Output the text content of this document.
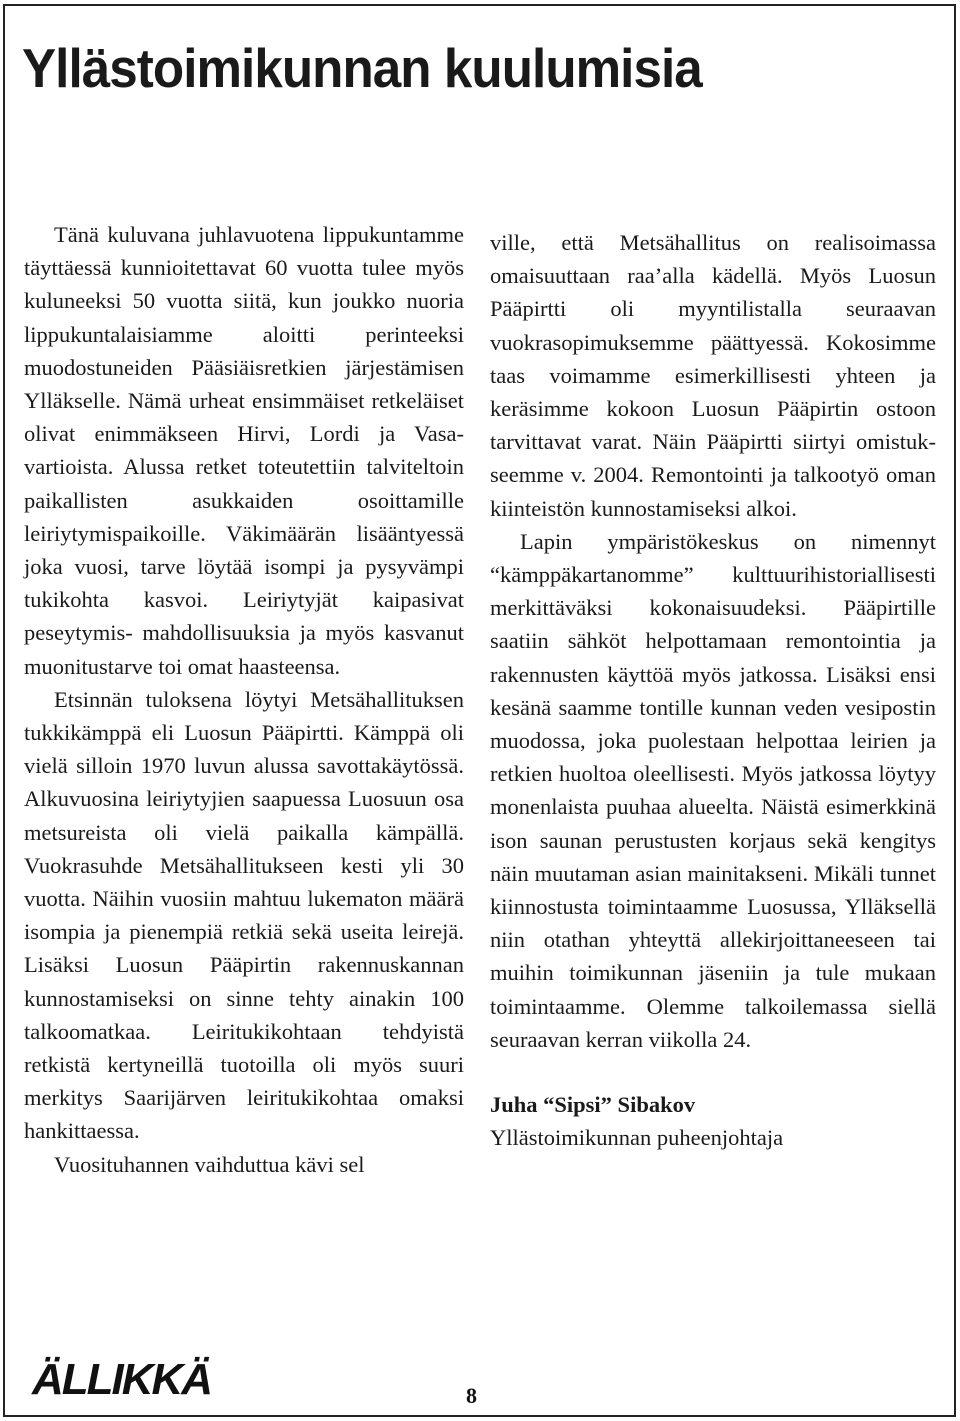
Yllästoimikunnan kuulumisia

Tänä kuluvana juhlavuotena lippukuntamme täyttäessä kunnioitettavat 60 vuotta tulee myös kuluneeksi 50 vuotta siitä, kun joukko nuoria lippukuntalaisiamme aloitti perinteeksi muodostuneiden Pääsiäisretkien järjestämisen Ylläkselle. Nämä urheat ensimmäiset retkeläiset olivat enimmäkseen Hirvi, Lordi ja Vasa-vartioista. Alussa retket toteutettiin talviteltoin paikallisten asukkaiden osoittamille leiriytymispaikoille. Väkimäärän lisääntyessä joka vuosi, tarve löytää isompi ja pysyvämpi tukikohta kasvoi. Leiriytyjät kaipasivat peseytymis- mahdollisuuksia ja myös kasvanut muonitustarve toi omat haasteensa.

Etsinnän tuloksena löytyi Metsähallituksen tukkikämppä eli Luosun Pääpirtti. Kämppä oli vielä silloin 1970 luvun alussa savottakäytössä. Alkuvuosina leiriytyjien saapuessa Luosuun osa metsureista oli vielä paikalla kämpällä. Vuokrasuhde Metsähallitukseen kesti yli 30 vuotta. Näihin vuosiin mahtuu lukematon määrä isompia ja pienempiä retkiä sekä useita leirejä. Lisäksi Luosun Pääpirtin rakennuskannan kunnostamiseksi on sinne tehty ainakin 100 talkoomatkaa. Leiritukikohtaan tehdyistä retkistä kertyneillä tuotoilla oli myös suuri merkitys Saarijärven leiritukikohtaa omaksi hankittaessa.

Vuosituhannen vaihduttua kävi sel

ville, että Metsähallitus on realisoimassa omaisuuttaan raa’alla kädellä. Myös Luosun Pääpirtti oli myyntilistalla seuraavan vuokrasopimuksemme päättyessä. Kokosimme taas voimamme esimerkillisesti yhteen ja keräsimme kokoon Luosun Pääpirtin ostoon tarvittavat varat. Näin Pääpirtti siirtyi omistukseemme v. 2004. Remontointi ja talkootyö oman kiinteistön kunnostamiseksi alkoi.

Lapin ympäristökeskus on nimennyt “kämppäkartanomme” kulttuurihistoriallisesti merkittäväksi kokonaisuudeksi. Pääpirtille saatiin sähköt helpottamaan remontointia ja rakennusten käyttöä myös jatkossa. Lisäksi ensi kesänä saamme tontille kunnan veden vesipostin muodossa, joka puolestaan helpottaa leirien ja retkien huoltoa oleellisesti. Myös jatkossa löytyy monenlaista puuhaa alueelta. Näistä esimerkkinä ison saunan perustusten korjaus sekä kengitys näin muutaman asian mainitakseni. Mikäli tunnet kiinnostusta toimintaamme Luosussa, Ylläksellä niin otathan yhteyttä allekirjoittaneeseen tai muihin toimikunnan jäseniin ja tule mukaan toimintaamme. Olemme talkoilemassa siellä seuraavan kerran viikolla 24.

Juha “Sipsi” Sibakov

Yllästoimikunnan puheenjohtaja

ÄLLIKKÄ	8
